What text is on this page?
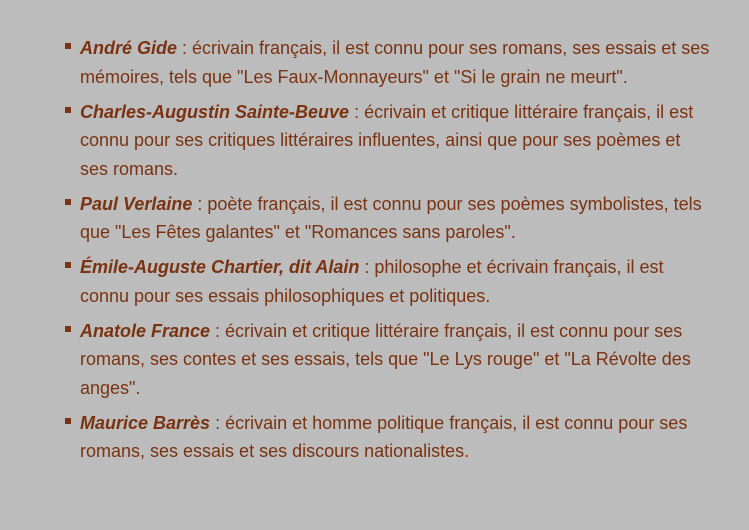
André Gide : écrivain français, il est connu pour ses romans, ses essais et ses mémoires, tels que "Les Faux-Monnayeurs" et "Si le grain ne meurt".
Charles-Augustin Sainte-Beuve : écrivain et critique littéraire français, il est connu pour ses critiques littéraires influentes, ainsi que pour ses poèmes et ses romans.
Paul Verlaine : poète français, il est connu pour ses poèmes symbolistes, tels que "Les Fêtes galantes" et "Romances sans paroles".
Émile-Auguste Chartier, dit Alain : philosophe et écrivain français, il est connu pour ses essais philosophiques et politiques.
Anatole France : écrivain et critique littéraire français, il est connu pour ses romans, ses contes et ses essais, tels que "Le Lys rouge" et "La Révolte des anges".
Maurice Barrès : écrivain et homme politique français, il est connu pour ses romans, ses essais et ses discours nationalistes.
